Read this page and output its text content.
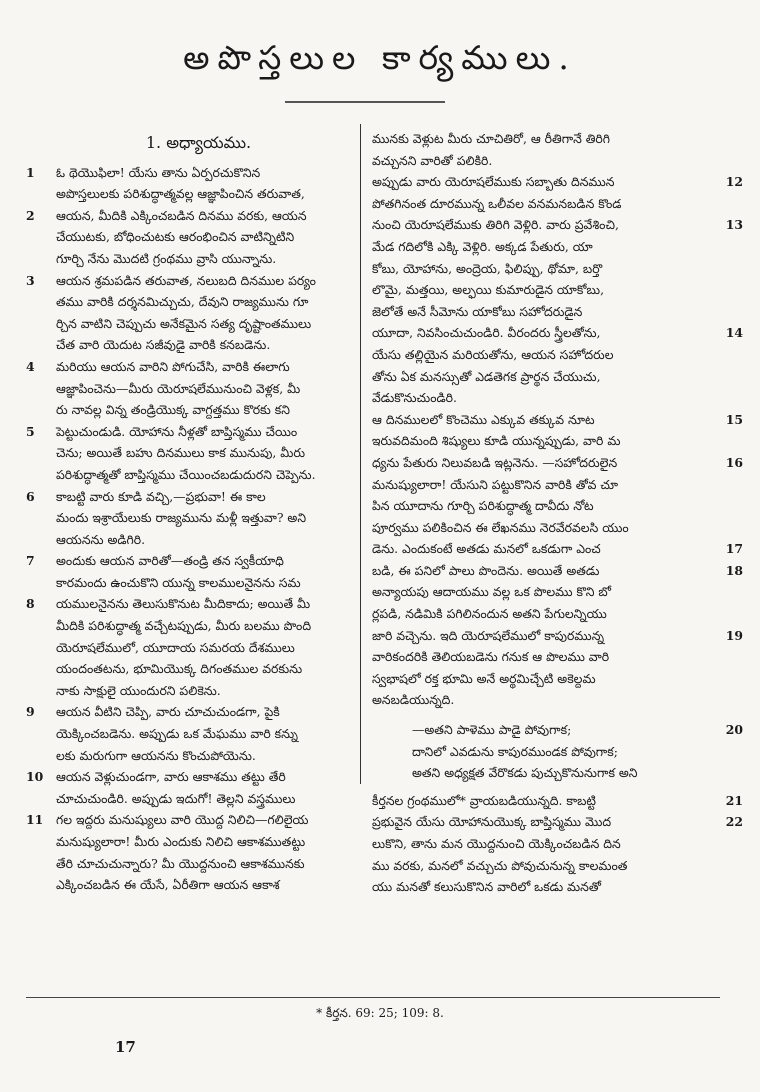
అపొస్తలుల కార్యములు.
1. అధ్యాయము.
1 ఓ థెయొఫిలా! యేసు తాను ఏర్పరచుకొనిన
అపొస్తలులకు పరిశుద్ధాత్మవల్ల ఆజ్ఞాపించిన తరువాత,
2 ఆయన, మీదికి ఎక్కించబడిన దినము వరకు, ఆయన
చేయుటకు, బోధించుటకు ఆరంభించిన వాటిన్నిటిని
గూర్చి నేను మొదటి గ్రంథము వ్రాసి యున్నాను.
3 ఆయన శ్రమపడిన తరువాత, నలుబది దినముల పర్యం
తము వారికి దర్శనమిచ్చుచు, దేవుని రాజ్యమును గూ
ర్చిన వాటిని చెప్పుచు అనేకమైన సత్య దృష్టాంతములు
చేత వారి యెదుట సజీవుడై వారికి కనబడెను.
4 మరియు ఆయన వారిని పోగుచేసి, వారికి ఈలాగు
ఆజ్ఞాపించెను—మీరు యెరూషలేమునుంచి వెళ్లక, మీ
రు నావల్ల విన్న తండ్రియొక్క వాగ్దత్తము కొరకు కని
5 పెట్టుచుండుడి. యోహాను నీళ్లతో బాప్తిస్మము చేయిం
చెను; అయితే బహు దినములు కాక మునుపు, మీరు
పరిశుద్ధాత్మతో బాప్తిస్మము చేయించబడుదురని చెప్పెను.
6 కాబట్టి వారు కూడి వచ్చి,—ప్రభువా! ఈ కాల
మందు ఇశ్రాయేలుకు రాజ్యమును మళ్లీ ఇత్తువా? అని
ఆయనను అడిగిరి.
7 అందుకు ఆయన వారితో—తండ్రి తన స్వకీయాధి
కారమందు ఉంచుకొని యున్న కాలములనైనను సమ
8 యములనైనను తెలుసుకొనుట మీదికాదు; అయితే మీ
మీదికి పరిశుద్ధాత్మ వచ్చేటప్పుడు, మీరు బలము పొంది
యెరూషలేములో, యూదాయ సమరయ దేశములు
యందంతటను, భూమియొక్క దిగంతముల వరకును
నాకు సాక్షులై యుందురని పలికెను.
9 ఆయన వీటిని చెప్పి, వారు చూచుచుండగా, పైకి
యెక్కించబడెను. అప్పుడు ఒక మేఘము వారి కన్ను
లకు మరుగుగా ఆయనను కొంచుపోయెను.
10 ఆయన వెళ్లుచుండగా, వారు ఆకాశము తట్టు తేరి
చూచుచుండిరి. అప్పుడు ఇదుగో! తెల్లని వస్త్రములు
11 గల ఇద్దరు మనుష్యులు వారి యొద్ద నిలిచి—గలిలైయ
మనుష్యులారా! మీరు ఎందుకు నిలిచి ఆకాశముతట్టు
తేరి చూచుచున్నారు? మీ యొద్దనుంచి ఆకాశమునకు
ఎక్కించబడిన ఈ యేసే, ఏరీతిగా ఆయన ఆకాశ
మునకు వెళ్లుట మీరు చూచితిరో, ఆ రీతిగానే తిరిగి
వచ్చునని వారితో పలికిరి.
అప్పుడు వారు యెరూషలేముకు సబ్బాతు దినమున	12
పోతగినంత దూరమున్న ఒలీవల వనమనబడిన కొండ
నుంచి యెరూషలేముకు తిరిగి వెళ్లిరి. వారు ప్రవేశించి,	13
మేడ గదిలోకి ఎక్కి వెళ్లిరి. అక్కడ పేతురు, యా
కోబు, యోహాను, అంద్రెయ, ఫిలిప్పు, థోమా, బర్తొ
లొమై, మత్తయి, అల్ఫయి కుమారుడైన యాకోబు,
జెలోతే అనే సీమోను యాకోబు సహోదరుడైన
యూదా, నివసించుచుండిరి. వీరందరు స్త్రీలతోను,	14
యేసు తల్లియైన మరియతోను, ఆయన సహోదరుల
తోను ఏక మనస్సుతో ఎడతెగక ప్రార్థన చేయుచు,
వేడుకొనుచుండిరి.
ఆ దినములలో కొంచెము ఎక్కువ తక్కువ నూట	15
ఇరువదిమంది శిష్యులు కూడి యున్నప్పుడు, వారి మ
ధ్యను పేతురు నిలువబడి ఇట్లనెను. —సహోదరులైన	16
మనుష్యులారా! యేసుని పట్టుకొనిన వారికి తోవ చూ
పిన యూదాను గూర్చి పరిశుద్ధాత్మ దావీదు నోట
పూర్వము పలికించిన ఈ లేఖనము నెరవేరవలసి యుం
డెను. ఎందుకంటే అతడు మనలో ఒకడుగా ఎంచ	17
బడి, ఈ పనిలో పాలు పొందెను. అయితే అతడు	18
అన్యాయపు ఆదాయము వల్ల ఒక పొలము కొని బో
ర్లపడి, నడిమికి పగిలినందున అతని పేగులన్నియు
జారి వచ్చెను. ఇది యెరూషలేములో కాపురమున్న	19
వారికందరికి తెలియబడెను గనుక ఆ పొలము వారి
స్వభాషలో రక్త భూమి అనే అర్థమిచ్చేటి అకెల్దమ
అనబడియున్నది.
—అతని పాళెము పాడై పోవుగాక;	20
దానిలో ఎవడును కాపురముండక పోవుగాక;
అతని అధ్యక్షత వేరొకడు పుచ్చుకొనునుగాక అని
కీర్తనల గ్రంథములో* వ్రాయబడియున్నది. కాబట్టి	21
ప్రభువైన యేసు యోహానుయొక్క బాప్తిస్మము మొద	22
లుకొని, తాను మన యొద్దనుంచి యెక్కించబడిన దిన
ము వరకు, మనలో వచ్చుచు పోవుచునున్న కాలమంత
యు మనతో కలుసుకొనిన వారిలో ఒకడు మనతో
* కీర్తన. 69: 25; 109: 8.
17
